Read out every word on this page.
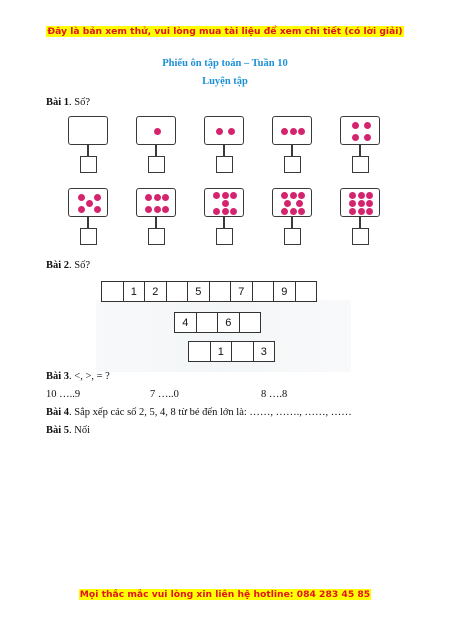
Đây là bản xem thử, vui lòng mua tài liệu để xem chi tiết (có lời giải)
Phiếu ôn tập toán – Tuần 10
Luyện tập
Bài 1. Số?
Bài 2. Số?
1	2	5	7	9
4	6
1	3
Bài 3. <, >, = ?
10 …..9	7 …..0	8 ….8
Bài 4. Sắp xếp các số 2, 5, 4, 8 từ bé đến lớn là: ……, ……., ……, ……
Bài 5. Nối
Mọi thắc mắc vui lòng xin liên hệ hotline: 084 283 45 85
